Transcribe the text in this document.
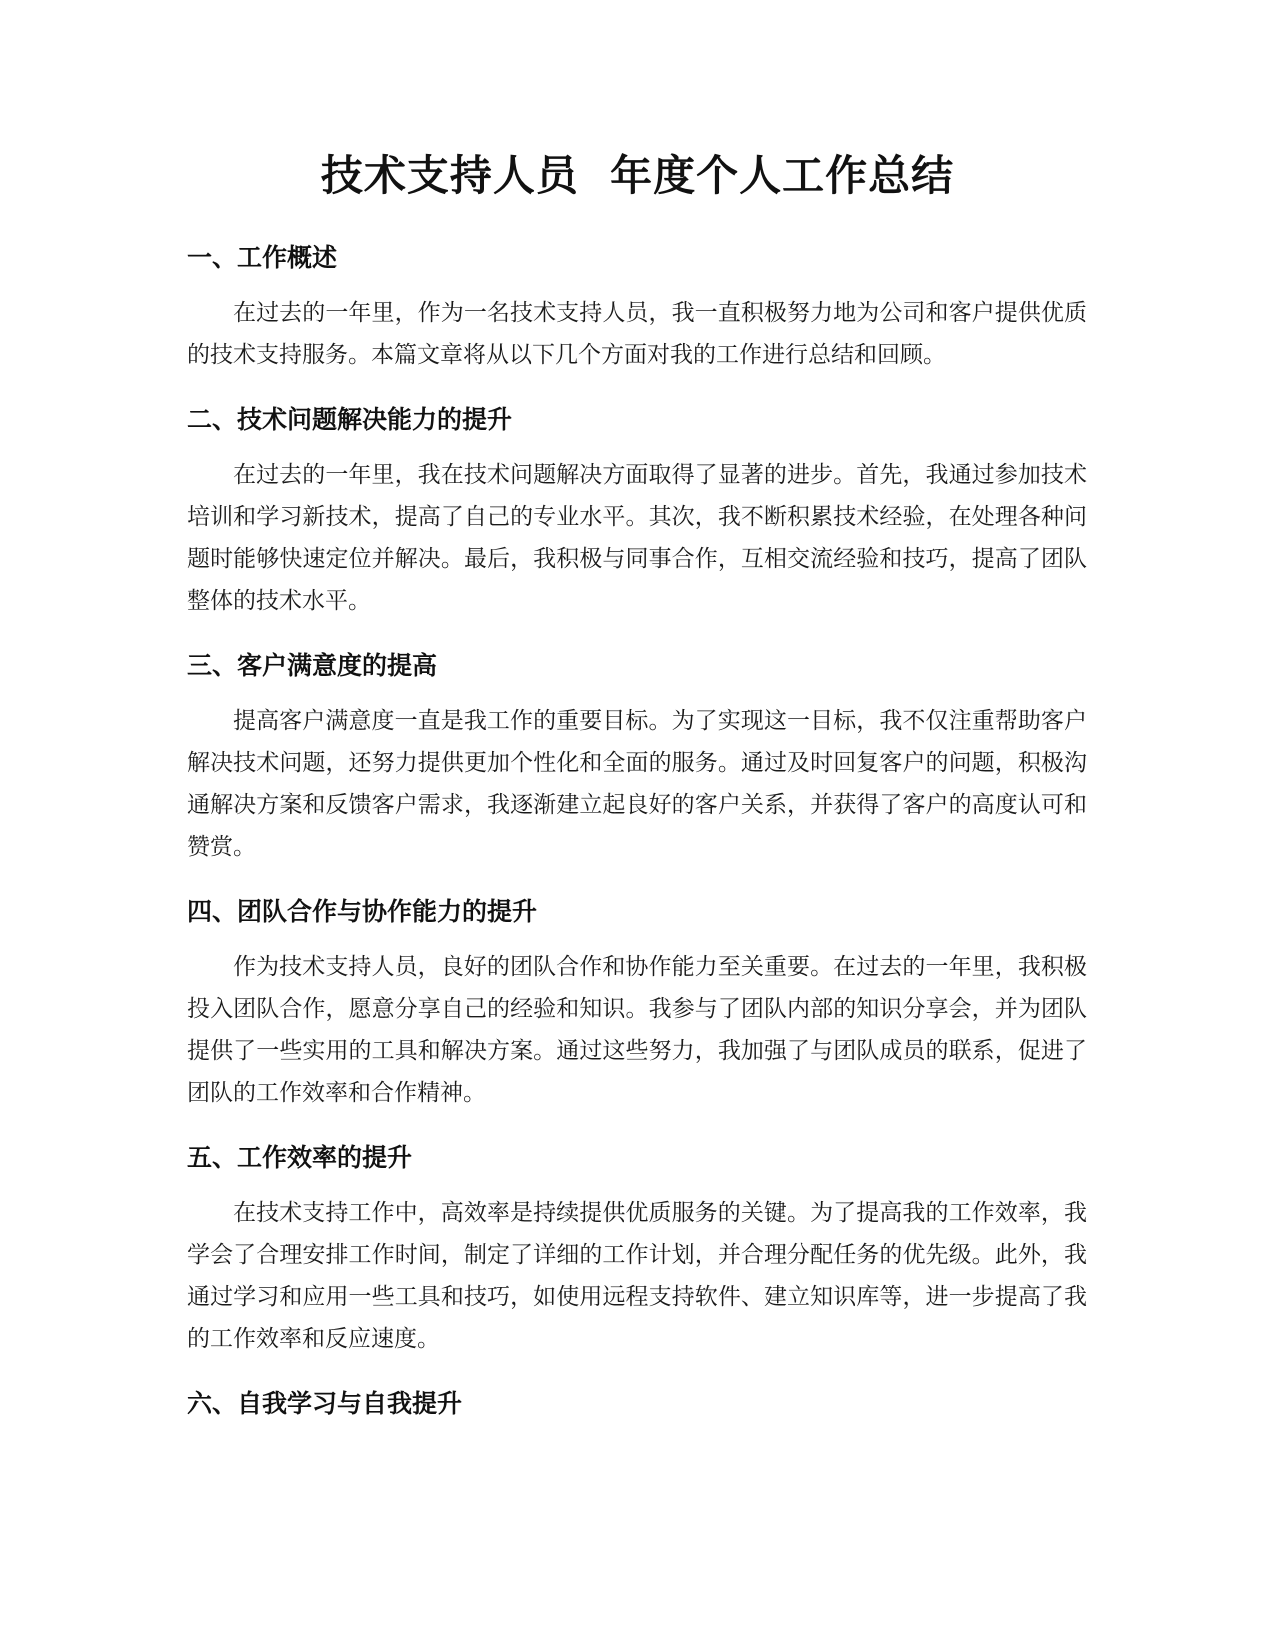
技术支持人员  年度个人工作总结
一、工作概述

在过去的一年里，作为一名技术支持人员，我一直积极努力地为公司和客户提供优质的技术支持服务。本篇文章将从以下几个方面对我的工作进行总结和回顾。

二、技术问题解决能力的提升

在过去的一年里，我在技术问题解决方面取得了显著的进步。首先，我通过参加技术培训和学习新技术，提高了自己的专业水平。其次，我不断积累技术经验，在处理各种问题时能够快速定位并解决。最后，我积极与同事合作，互相交流经验和技巧，提高了团队整体的技术水平。

三、客户满意度的提高

提高客户满意度一直是我工作的重要目标。为了实现这一目标，我不仅注重帮助客户解决技术问题，还努力提供更加个性化和全面的服务。通过及时回复客户的问题，积极沟通解决方案和反馈客户需求，我逐渐建立起良好的客户关系，并获得了客户的高度认可和赞赏。

四、团队合作与协作能力的提升

作为技术支持人员，良好的团队合作和协作能力至关重要。在过去的一年里，我积极投入团队合作，愿意分享自己的经验和知识。我参与了团队内部的知识分享会，并为团队提供了一些实用的工具和解决方案。通过这些努力，我加强了与团队成员的联系，促进了团队的工作效率和合作精神。

五、工作效率的提升

在技术支持工作中，高效率是持续提供优质服务的关键。为了提高我的工作效率，我学会了合理安排工作时间，制定了详细的工作计划，并合理分配任务的优先级。此外，我通过学习和应用一些工具和技巧，如使用远程支持软件、建立知识库等，进一步提高了我的工作效率和反应速度。

六、自我学习与自我提升
